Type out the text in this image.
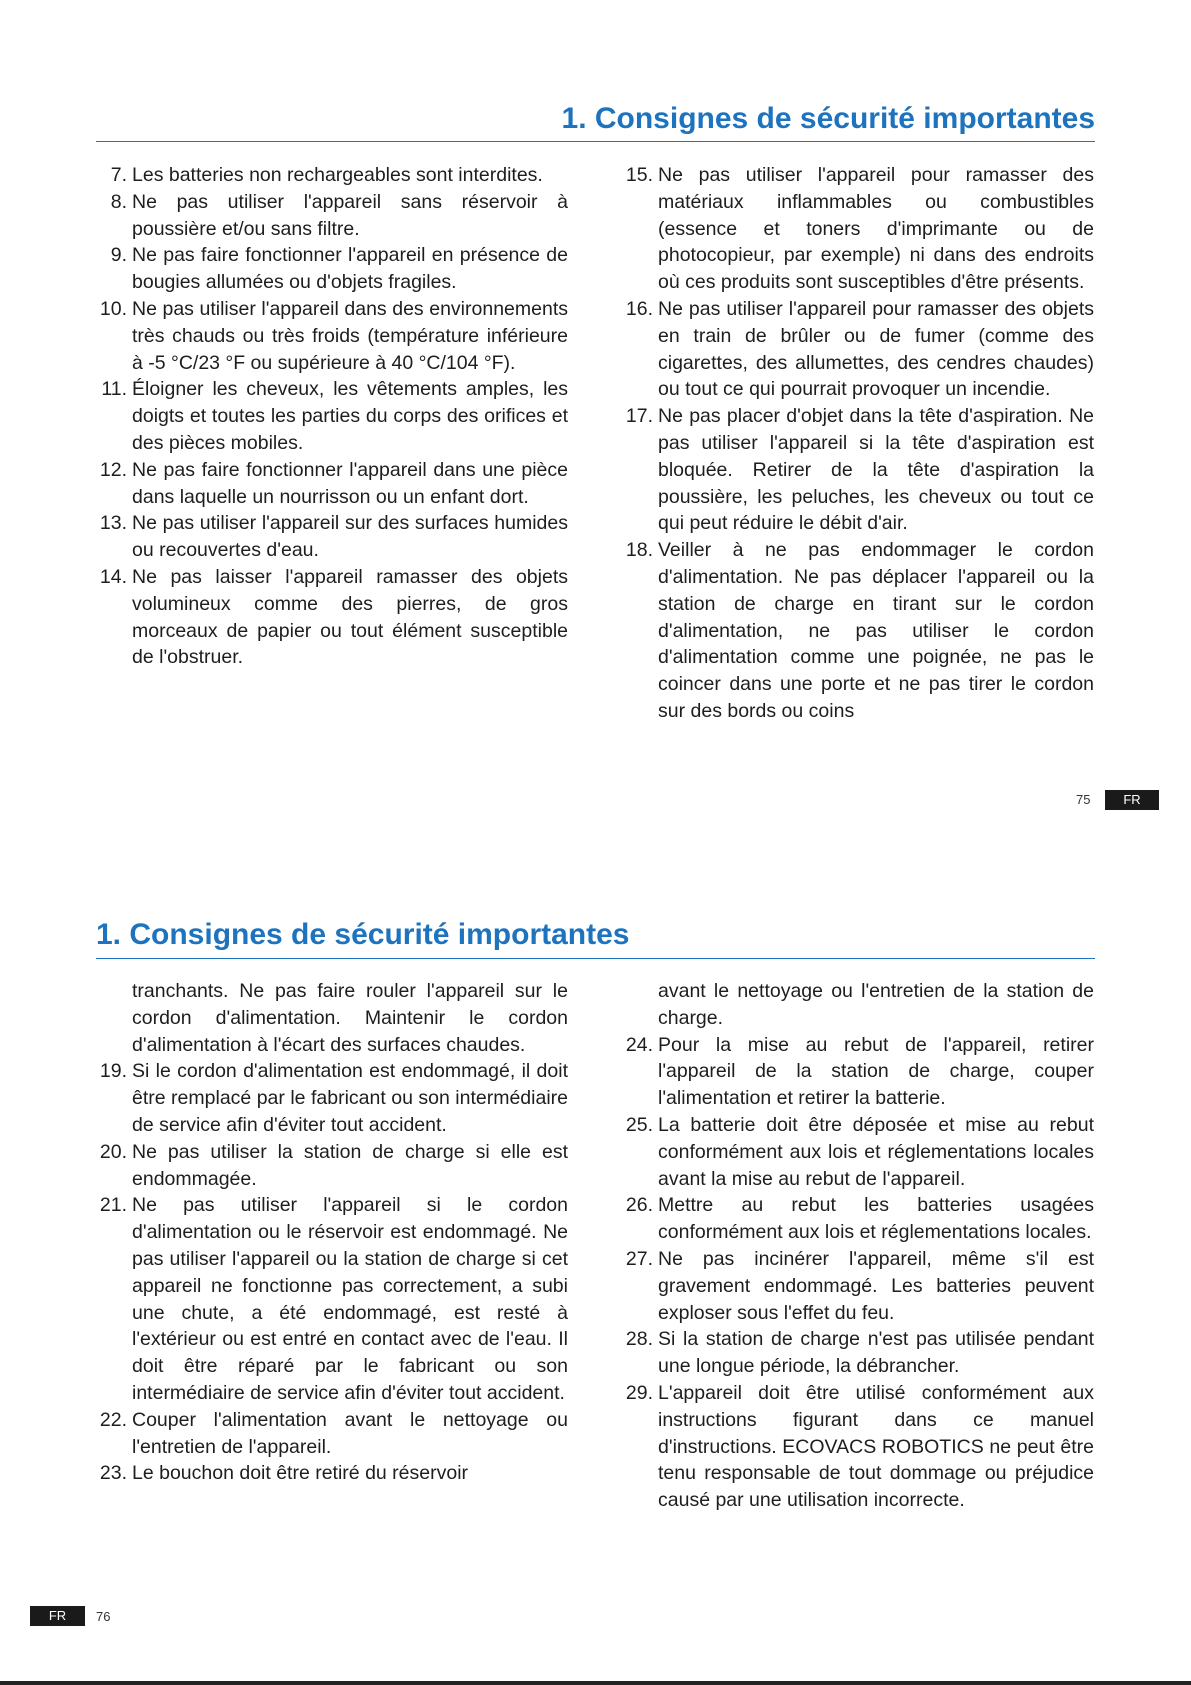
1. Consignes de sécurité importantes
7. Les batteries non rechargeables sont interdites.
8. Ne pas utiliser l'appareil sans réservoir à poussière et/ou sans filtre.
9. Ne pas faire fonctionner l'appareil en présence de bougies allumées ou d'objets fragiles.
10. Ne pas utiliser l'appareil dans des environnements très chauds ou très froids (température inférieure à -5 °C/23 °F ou supérieure à 40 °C/104 °F).
11. Éloigner les cheveux, les vêtements amples, les doigts et toutes les parties du corps des orifices et des pièces mobiles.
12. Ne pas faire fonctionner l'appareil dans une pièce dans laquelle un nourrisson ou un enfant dort.
13. Ne pas utiliser l'appareil sur des surfaces humides ou recouvertes d'eau.
14. Ne pas laisser l'appareil ramasser des objets volumineux comme des pierres, de gros morceaux de papier ou tout élément susceptible de l'obstruer.
15. Ne pas utiliser l'appareil pour ramasser des matériaux inflammables ou combustibles (essence et toners d'imprimante ou de photocopieur, par exemple) ni dans des endroits où ces produits sont susceptibles d'être présents.
16. Ne pas utiliser l'appareil pour ramasser des objets en train de brûler ou de fumer (comme des cigarettes, des allumettes, des cendres chaudes) ou tout ce qui pourrait provoquer un incendie.
17. Ne pas placer d'objet dans la tête d'aspiration. Ne pas utiliser l'appareil si la tête d'aspiration est bloquée. Retirer de la tête d'aspiration la poussière, les peluches, les cheveux ou tout ce qui peut réduire le débit d'air.
18. Veiller à ne pas endommager le cordon d'alimentation. Ne pas déplacer l'appareil ou la station de charge en tirant sur le cordon d'alimentation, ne pas utiliser le cordon d'alimentation comme une poignée, ne pas le coincer dans une porte et ne pas tirer le cordon sur des bords ou coins
75	FR
1. Consignes de sécurité importantes
tranchants. Ne pas faire rouler l'appareil sur le cordon d'alimentation. Maintenir le cordon d'alimentation à l'écart des surfaces chaudes.
19. Si le cordon d'alimentation est endommagé, il doit être remplacé par le fabricant ou son intermédiaire de service afin d'éviter tout accident.
20. Ne pas utiliser la station de charge si elle est endommagée.
21. Ne pas utiliser l'appareil si le cordon d'alimentation ou le réservoir est endommagé. Ne pas utiliser l'appareil ou la station de charge si cet appareil ne fonctionne pas correctement, a subi une chute, a été endommagé, est resté à l'extérieur ou est entré en contact avec de l'eau. Il doit être réparé par le fabricant ou son intermédiaire de service afin d'éviter tout accident.
22. Couper l'alimentation avant le nettoyage ou l'entretien de l'appareil.
23. Le bouchon doit être retiré du réservoir
avant le nettoyage ou l'entretien de la station de charge.
24. Pour la mise au rebut de l'appareil, retirer l'appareil de la station de charge, couper l'alimentation et retirer la batterie.
25. La batterie doit être déposée et mise au rebut conformément aux lois et réglementations locales avant la mise au rebut de l'appareil.
26. Mettre au rebut les batteries usagées conformément aux lois et réglementations locales.
27. Ne pas incinérer l'appareil, même s'il est gravement endommagé. Les batteries peuvent exploser sous l'effet du feu.
28. Si la station de charge n'est pas utilisée pendant une longue période, la débrancher.
29. L'appareil doit être utilisé conformément aux instructions figurant dans ce manuel d'instructions. ECOVACS ROBOTICS ne peut être tenu responsable de tout dommage ou préjudice causé par une utilisation incorrecte.
FR	76
